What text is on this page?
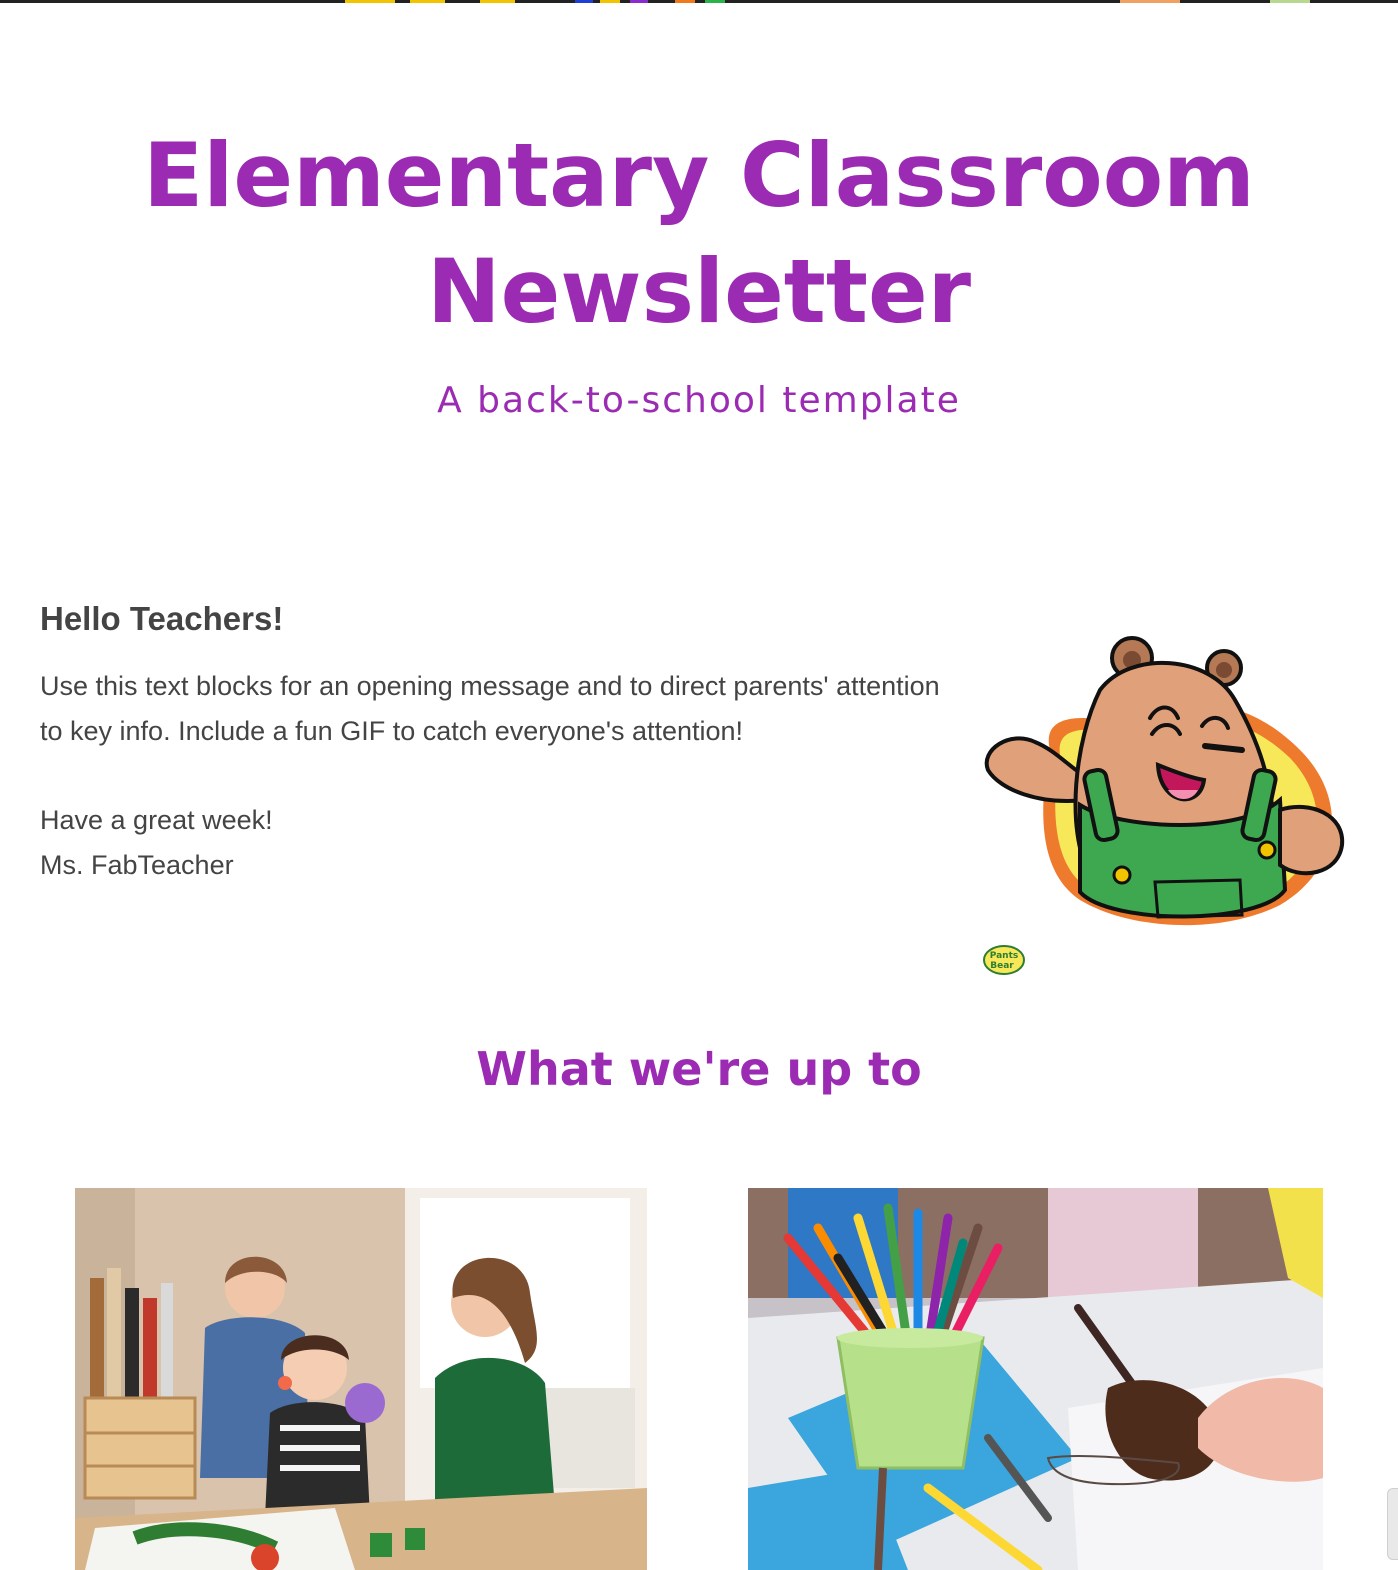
Elementary Classroom
Newsletter

A back-to-school template

Hello Teachers!

Use this text blocks for an opening message and to direct parents' attention to key info. Include a fun GIF to catch everyone's attention!

Have a great week!
Ms. FabTeacher

Pants
Bear
What we're up to
